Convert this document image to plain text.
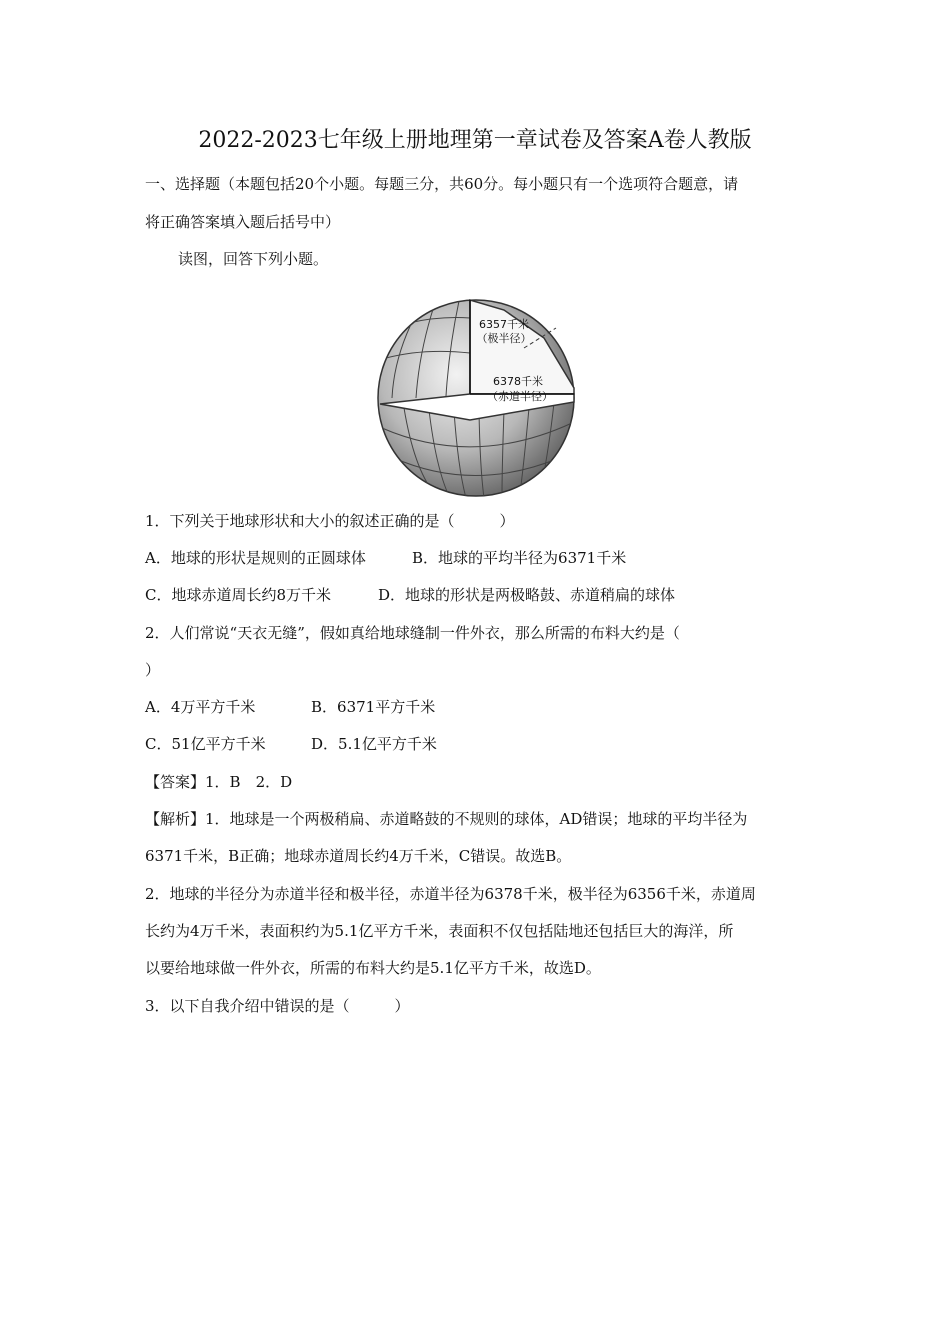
2022-2023七年级上册地理第一章试卷及答案A卷人教版
一、选择题（本题包括20个小题。每题三分，共60分。每小题只有一个选项符合题意，请
将正确答案填入题后括号中）
读图，回答下列小题。
6357千米
（极半径）
6378千米
（赤道半径）
1．下列关于地球形状和大小的叙述正确的是（　　　）
A．地球的形状是规则的正圆球体	B．地球的平均半径为6371千米
C．地球赤道周长约8万千米	D．地球的形状是两极略鼓、赤道稍扁的球体
2．人们常说“天衣无缝”，假如真给地球缝制一件外衣，那么所需的布料大约是（
）
A．4万平方千米	B．6371平方千米
C．51亿平方千米	D．5.1亿平方千米
【答案】1．B　2．D
【解析】1．地球是一个两极稍扁、赤道略鼓的不规则的球体，AD错误；地球的平均半径为
6371千米，B正确；地球赤道周长约4万千米，C错误。故选B。
2．地球的半径分为赤道半径和极半径，赤道半径为6378千米，极半径为6356千米，赤道周
长约为4万千米，表面积约为5.1亿平方千米，表面积不仅包括陆地还包括巨大的海洋，所
以要给地球做一件外衣，所需的布料大约是5.1亿平方千米，故选D。
3．以下自我介绍中错误的是（　　　）
